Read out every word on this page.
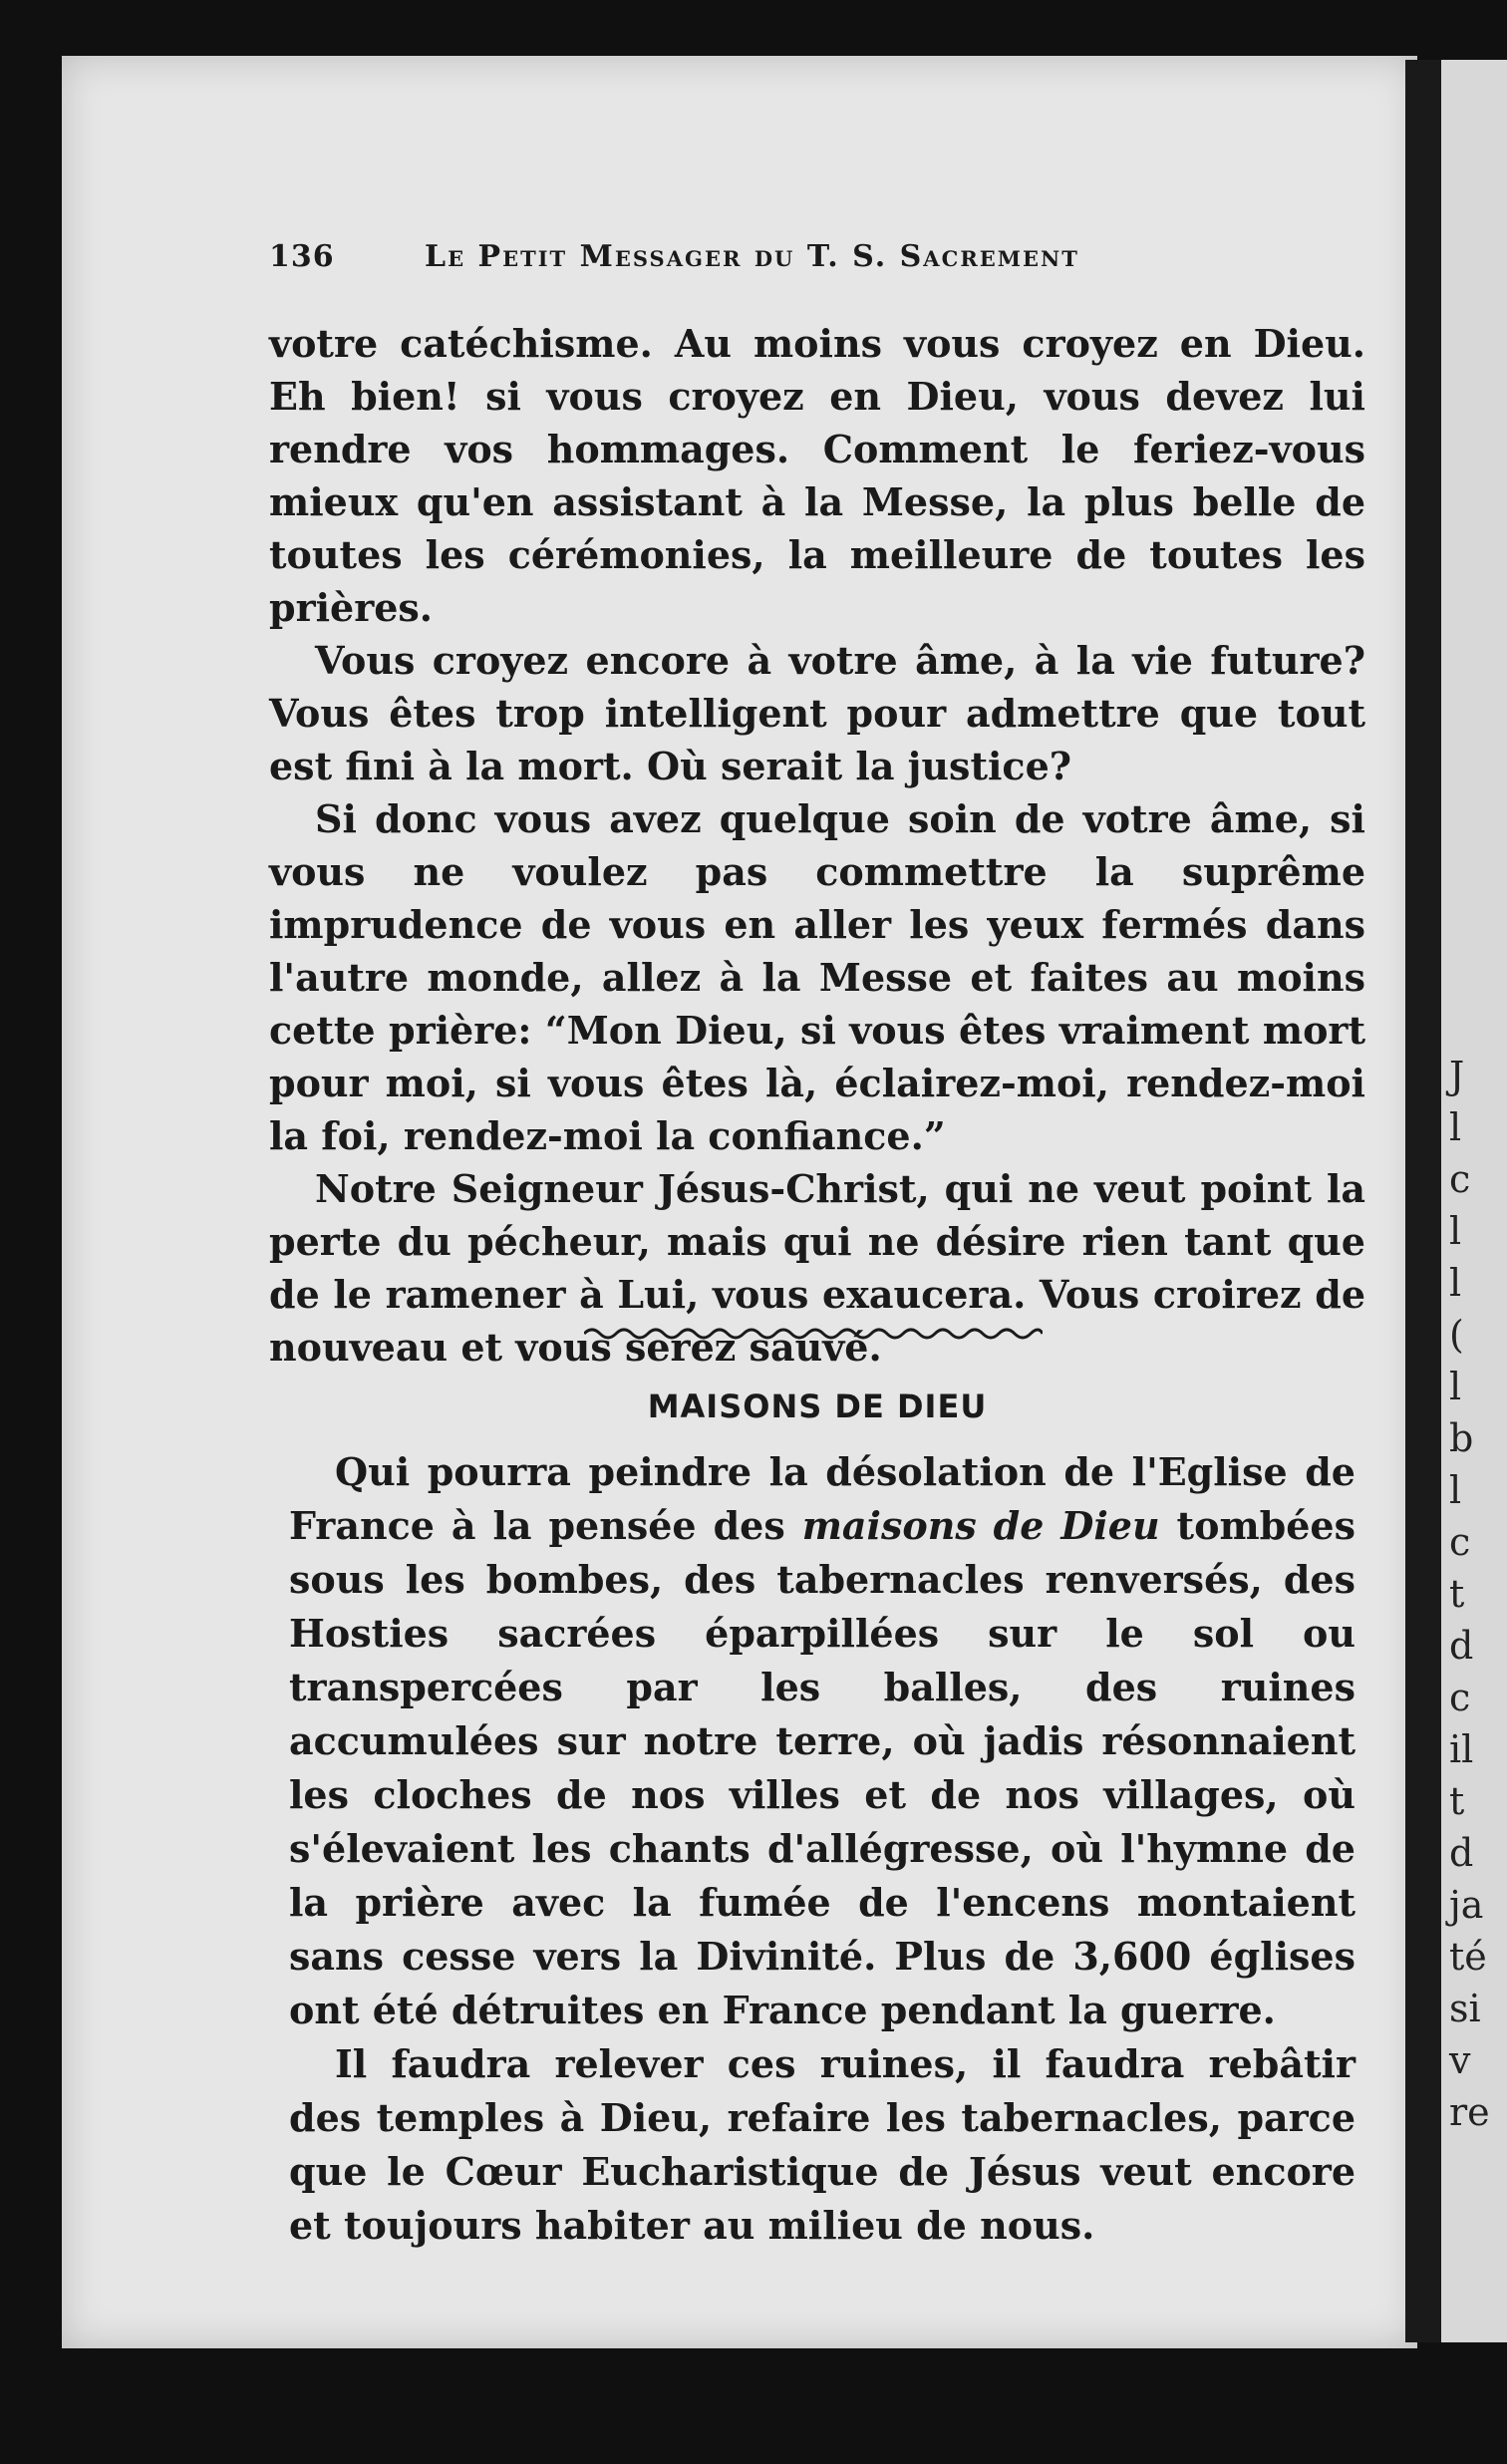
J
l
c
l
l
(
l
b
l
c
t
d
c
il
t
d
ja
té
si
v
re
136	Le Petit Messager du T. S. Sacrement

votre catéchisme. Au moins vous croyez en Dieu. Eh bien! si vous croyez en Dieu, vous devez lui rendre vos hommages. Comment le feriez-vous mieux qu'en assistant à la Messe, la plus belle de toutes les cérémonies, la meilleure de toutes les prières.

Vous croyez encore à votre âme, à la vie future? Vous êtes trop intelligent pour admettre que tout est fini à la mort. Où serait la justice?

Si donc vous avez quelque soin de votre âme, si vous ne voulez pas commettre la suprême imprudence de vous en aller les yeux fermés dans l'autre monde, allez à la Messe et faites au moins cette prière: “Mon Dieu, si vous êtes vraiment mort pour moi, si vous êtes là, éclairez-moi, rendez-moi la foi, rendez-moi la confiance.”

Notre Seigneur Jésus-Christ, qui ne veut point la perte du pécheur, mais qui ne désire rien tant que de le ramener à Lui, vous exaucera. Vous croirez de nouveau et vous serez sauvé.

MAISONS DE DIEU

Qui pourra peindre la désolation de l'Eglise de France à la pensée des maisons de Dieu tombées sous les bombes, des tabernacles renversés, des Hosties sacrées éparpillées sur le sol ou transpercées par les balles, des ruines accumulées sur notre terre, où jadis résonnaient les cloches de nos villes et de nos villages, où s'élevaient les chants d'allégresse, où l'hymne de la prière avec la fumée de l'encens montaient sans cesse vers la Divinité. Plus de 3,600 églises ont été détruites en France pendant la guerre.

Il faudra relever ces ruines, il faudra rebâtir des temples à Dieu, refaire les tabernacles, parce que le Cœur Eucharistique de Jésus veut encore et toujours habiter au milieu de nous.
